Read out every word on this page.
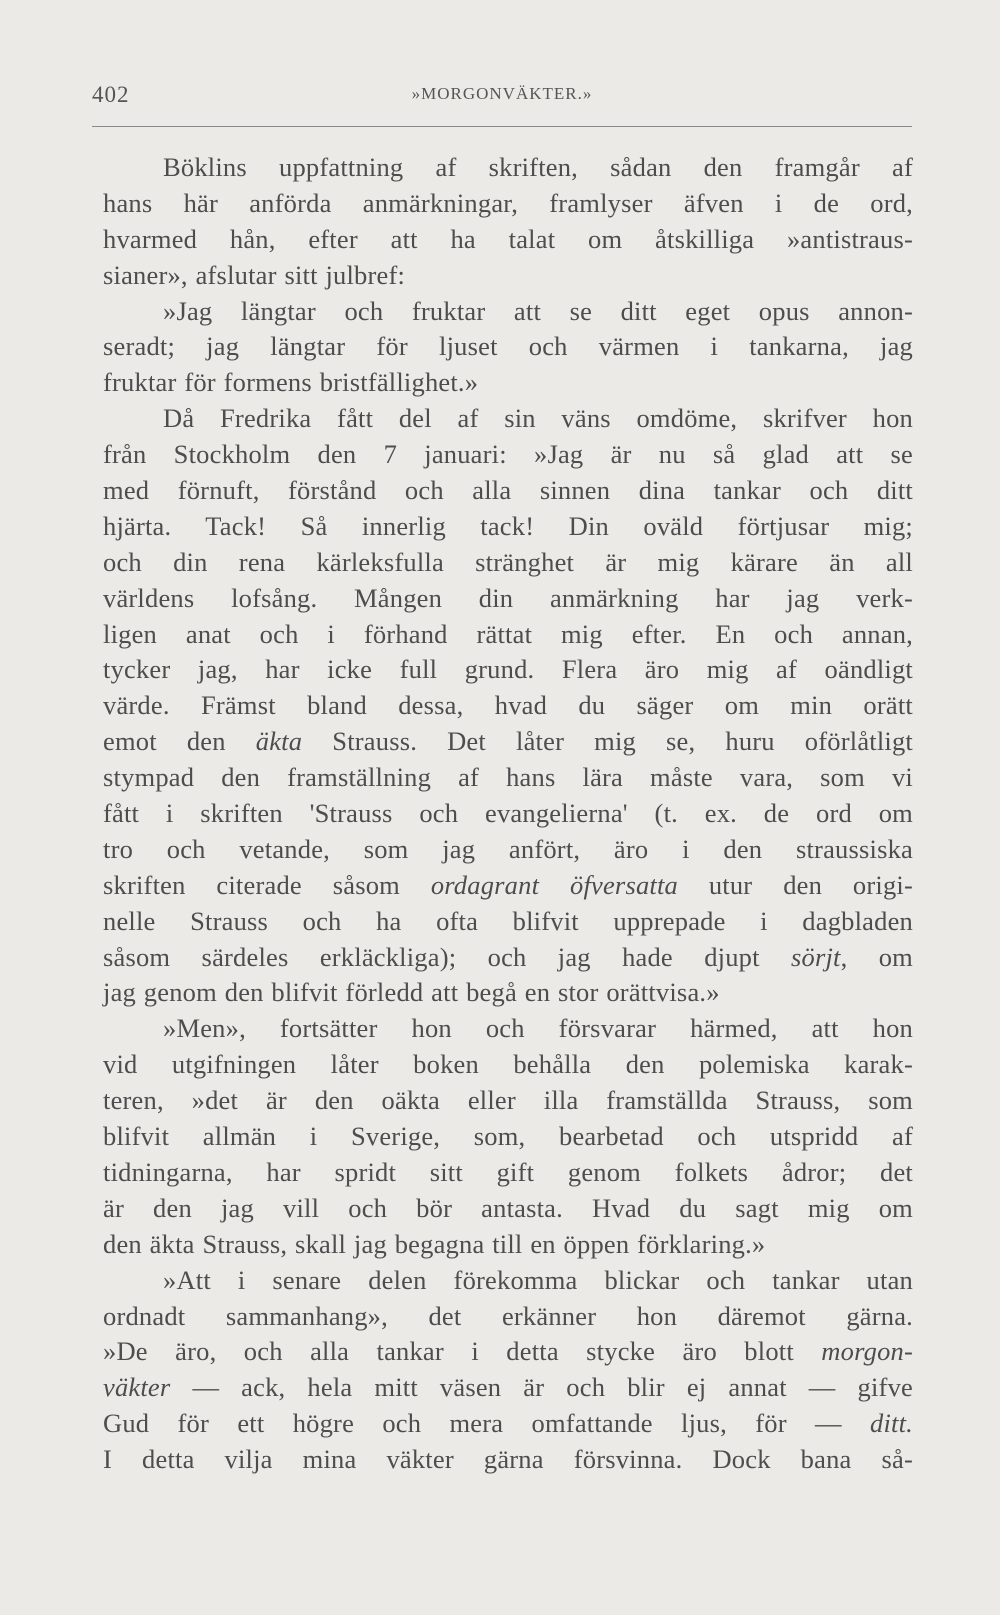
402	»MORGONVÄKTER.»
Böklins uppfattning af skriften, sådan den framgår af
hans här anförda anmärkningar, framlyser äfven i de ord,
hvarmed hån, efter att ha talat om åtskilliga »antistraus-
sianer», afslutar sitt julbref:
»Jag längtar och fruktar att se ditt eget opus annon-
seradt; jag längtar för ljuset och värmen i tankarna, jag
fruktar för formens bristfällighet.»
Då Fredrika fått del af sin väns omdöme, skrifver hon
från Stockholm den 7 januari: »Jag är nu så glad att se
med förnuft, förstånd och alla sinnen dina tankar och ditt
hjärta. Tack! Så innerlig tack! Din oväld förtjusar mig;
och din rena kärleksfulla stränghet är mig kärare än all
världens lofsång. Mången din anmärkning har jag verk-
ligen anat och i förhand rättat mig efter. En och annan,
tycker jag, har icke full grund. Flera äro mig af oändligt
värde. Främst bland dessa, hvad du säger om min orätt
emot den äkta Strauss. Det låter mig se, huru oförlåtligt
stympad den framställning af hans lära måste vara, som vi
fått i skriften 'Strauss och evangelierna' (t. ex. de ord om
tro och vetande, som jag anfört, äro i den straussiska
skriften citerade såsom ordagrant öfversatta utur den origi-
nelle Strauss och ha ofta blifvit upprepade i dagbladen
såsom särdeles erkläckliga); och jag hade djupt sörjt, om
jag genom den blifvit förledd att begå en stor orättvisa.»
»Men», fortsätter hon och försvarar härmed, att hon
vid utgifningen låter boken behålla den polemiska karak-
teren, »det är den oäkta eller illa framställda Strauss, som
blifvit allmän i Sverige, som, bearbetad och utspridd af
tidningarna, har spridt sitt gift genom folkets ådror; det
är den jag vill och bör antasta. Hvad du sagt mig om
den äkta Strauss, skall jag begagna till en öppen förklaring.»
»Att i senare delen förekomma blickar och tankar utan
ordnadt sammanhang», det erkänner hon däremot gärna.
»De äro, och alla tankar i detta stycke äro blott morgon-
väkter — ack, hela mitt väsen är och blir ej annat — gifve
Gud för ett högre och mera omfattande ljus, för — ditt.
I detta vilja mina väkter gärna försvinna. Dock bana så-
